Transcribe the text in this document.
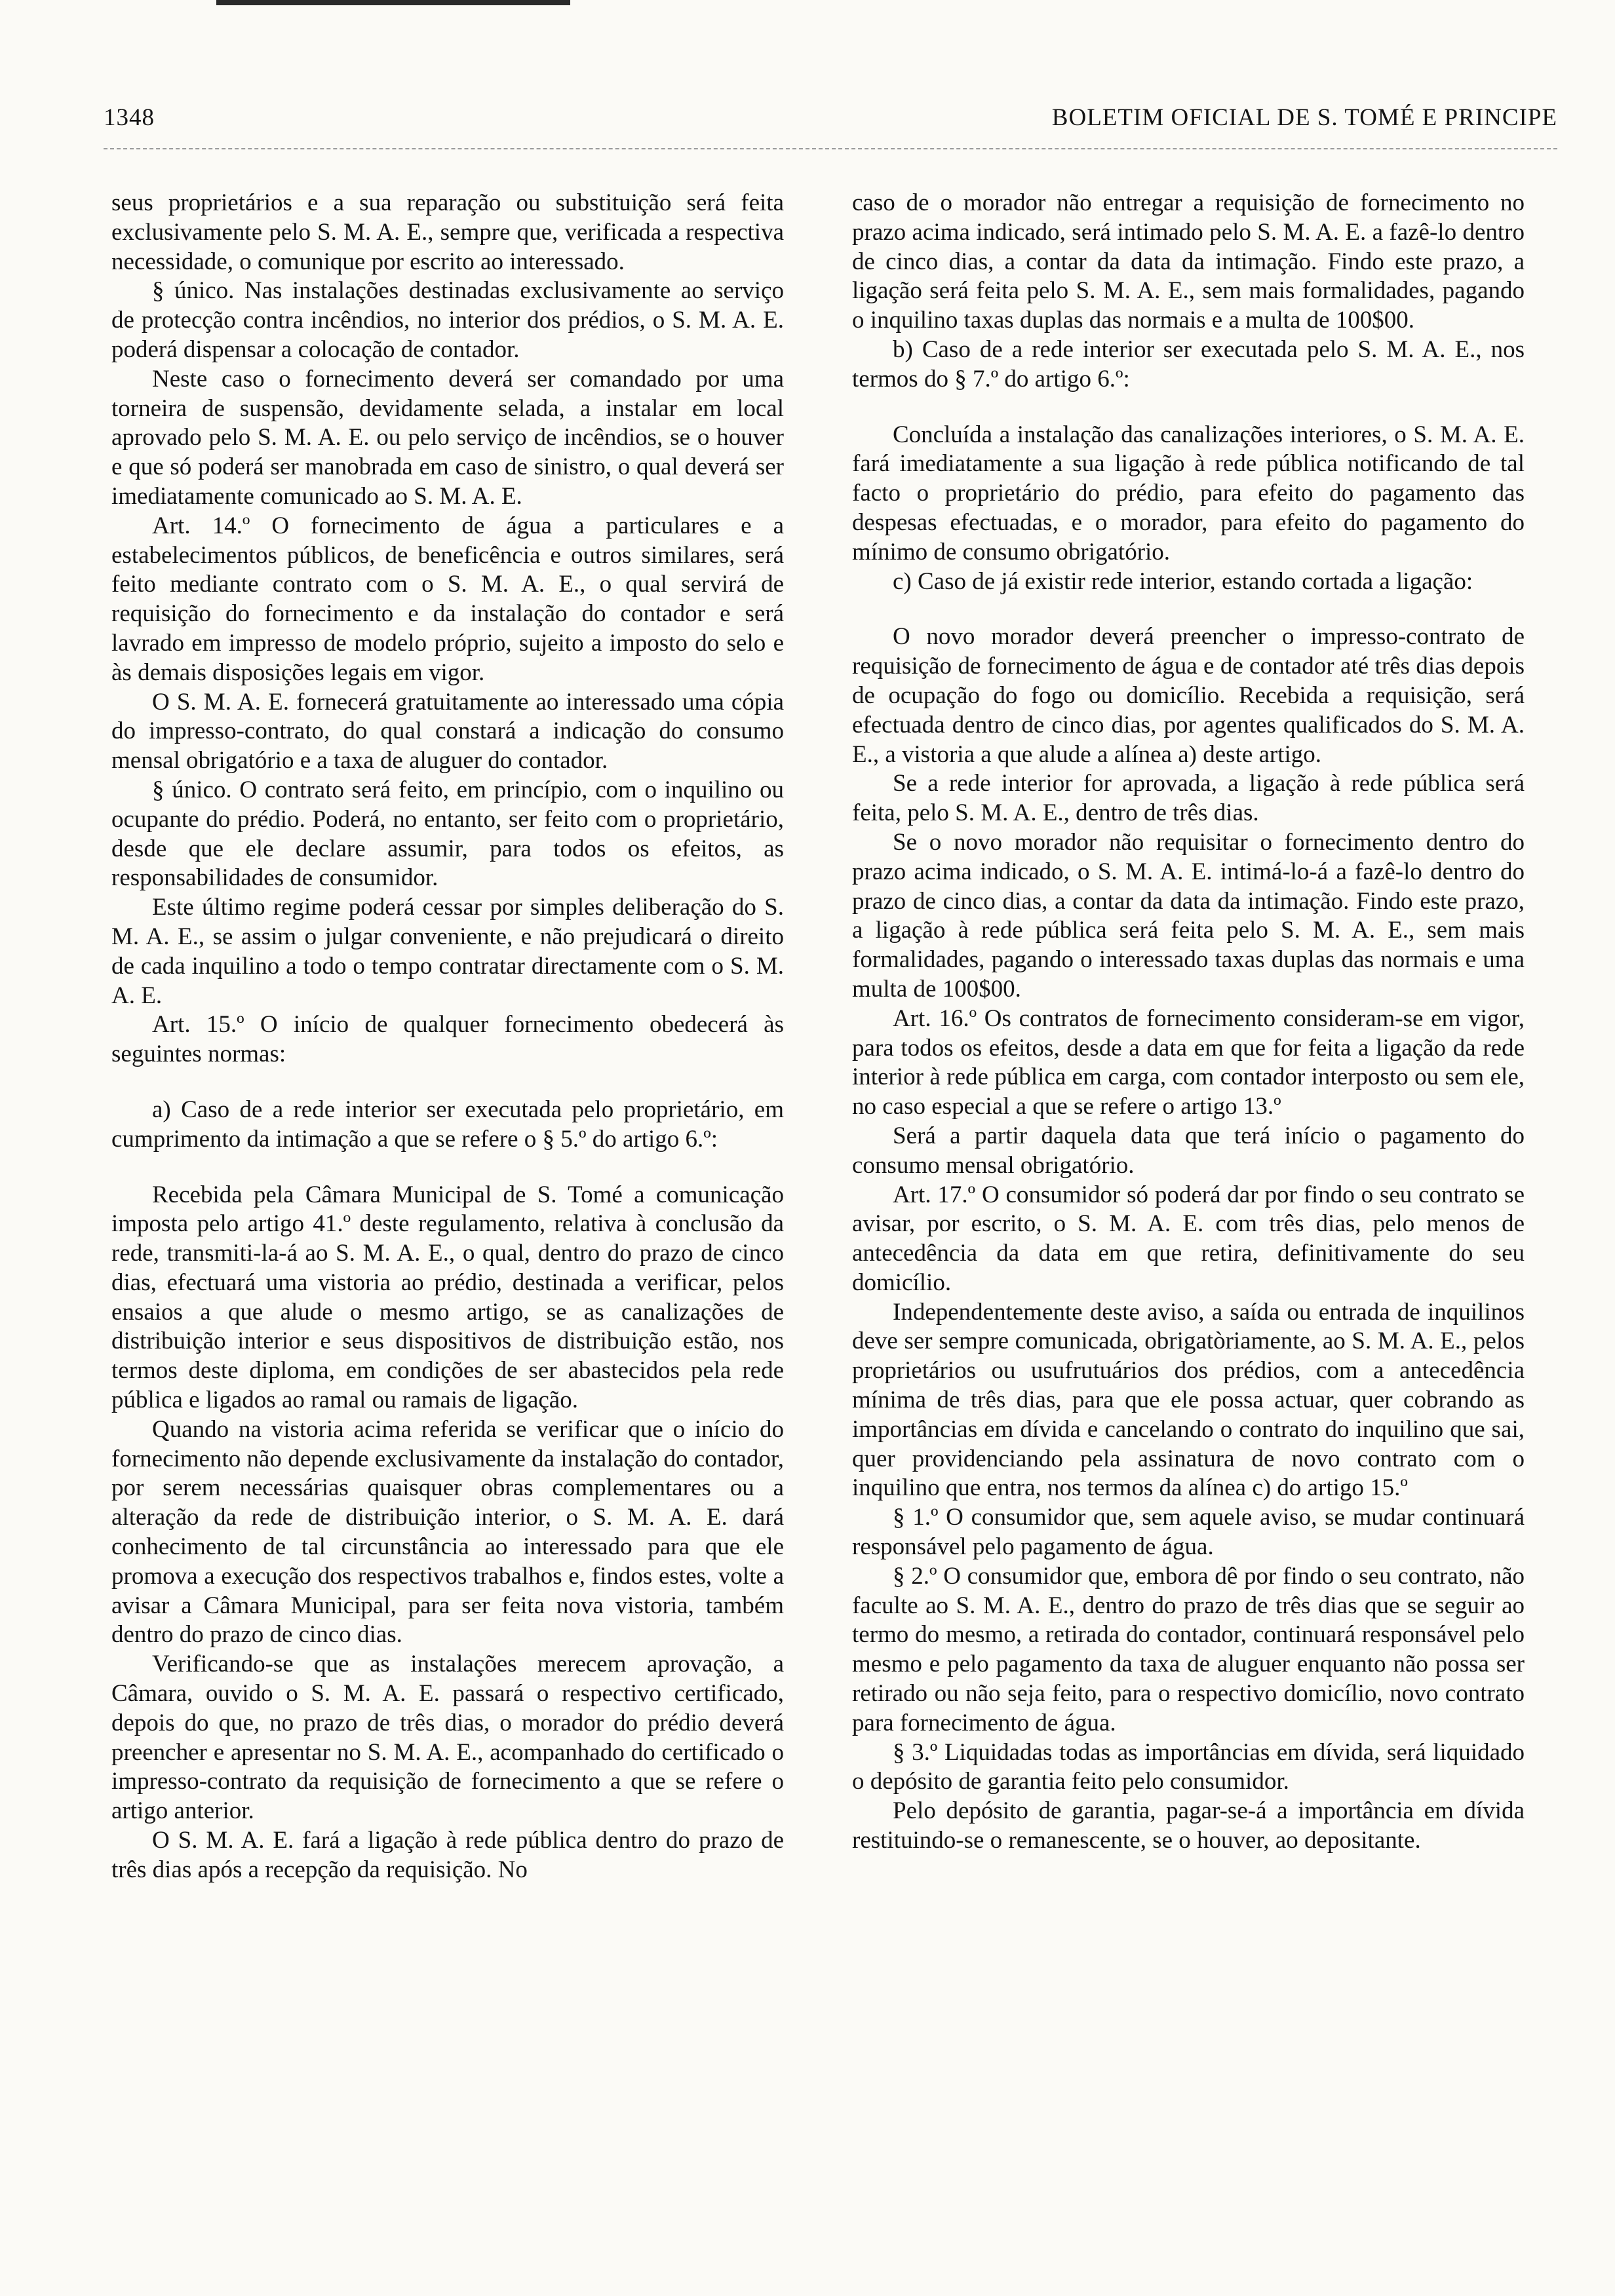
1348	BOLETIM OFICIAL DE S. TOMÉ E PRINCIPE

seus proprietários e a sua reparação ou substituição será feita exclusivamente pelo S. M. A. E., sempre que, verificada a respectiva necessidade, o comunique por escrito ao interessado.

§ único. Nas instalações destinadas exclusivamente ao serviço de protecção contra incêndios, no interior dos prédios, o S. M. A. E. poderá dispensar a colocação de contador.

Neste caso o fornecimento deverá ser comandado por uma torneira de suspensão, devidamente selada, a instalar em local aprovado pelo S. M. A. E. ou pelo serviço de incêndios, se o houver e que só poderá ser manobrada em caso de sinistro, o qual deverá ser imediatamente comunicado ao S. M. A. E.

Art. 14.º O fornecimento de água a particulares e a estabelecimentos públicos, de beneficência e outros similares, será feito mediante contrato com o S. M. A. E., o qual servirá de requisição do fornecimento e da instalação do contador e será lavrado em impresso de modelo próprio, sujeito a imposto do selo e às demais disposições legais em vigor.

O S. M. A. E. fornecerá gratuitamente ao interessado uma cópia do impresso-contrato, do qual constará a indicação do consumo mensal obrigatório e a taxa de aluguer do contador.

§ único. O contrato será feito, em princípio, com o inquilino ou ocupante do prédio. Poderá, no entanto, ser feito com o proprietário, desde que ele declare assumir, para todos os efeitos, as responsabilidades de consumidor.

Este último regime poderá cessar por simples deliberação do S. M. A. E., se assim o julgar conveniente, e não prejudicará o direito de cada inquilino a todo o tempo contratar directamente com o S. M. A. E.

Art. 15.º O início de qualquer fornecimento obedecerá às seguintes normas:

a) Caso de a rede interior ser executada pelo proprietário, em cumprimento da intimação a que se refere o § 5.º do artigo 6.º:

Recebida pela Câmara Municipal de S. Tomé a comunicação imposta pelo artigo 41.º deste regulamento, relativa à conclusão da rede, transmiti-la-á ao S. M. A. E., o qual, dentro do prazo de cinco dias, efectuará uma vistoria ao prédio, destinada a verificar, pelos ensaios a que alude o mesmo artigo, se as canalizações de distribuição interior e seus dispositivos de distribuição estão, nos termos deste diploma, em condições de ser abastecidos pela rede pública e ligados ao ramal ou ramais de ligação.

Quando na vistoria acima referida se verificar que o início do fornecimento não depende exclusivamente da instalação do contador, por serem necessárias quaisquer obras complementares ou a alteração da rede de distribuição interior, o S. M. A. E. dará conhecimento de tal circunstância ao interessado para que ele promova a execução dos respectivos trabalhos e, findos estes, volte a avisar a Câmara Municipal, para ser feita nova vistoria, também dentro do prazo de cinco dias.

Verificando-se que as instalações merecem aprovação, a Câmara, ouvido o S. M. A. E. passará o respectivo certificado, depois do que, no prazo de três dias, o morador do prédio deverá preencher e apresentar no S. M. A. E., acompanhado do certificado o impresso-contrato da requisição de fornecimento a que se refere o artigo anterior.

O S. M. A. E. fará a ligação à rede pública dentro do prazo de três dias após a recepção da requisição. No

caso de o morador não entregar a requisição de fornecimento no prazo acima indicado, será intimado pelo S. M. A. E. a fazê-lo dentro de cinco dias, a contar da data da intimação. Findo este prazo, a ligação será feita pelo S. M. A. E., sem mais formalidades, pagando o inquilino taxas duplas das normais e a multa de 100$00.

b) Caso de a rede interior ser executada pelo S. M. A. E., nos termos do § 7.º do artigo 6.º:

Concluída a instalação das canalizações interiores, o S. M. A. E. fará imediatamente a sua ligação à rede pública notificando de tal facto o proprietário do prédio, para efeito do pagamento das despesas efectuadas, e o morador, para efeito do pagamento do mínimo de consumo obrigatório.

c) Caso de já existir rede interior, estando cortada a ligação:

O novo morador deverá preencher o impresso-contrato de requisição de fornecimento de água e de contador até três dias depois de ocupação do fogo ou domicílio. Recebida a requisição, será efectuada dentro de cinco dias, por agentes qualificados do S. M. A. E., a vistoria a que alude a alínea a) deste artigo.

Se a rede interior for aprovada, a ligação à rede pública será feita, pelo S. M. A. E., dentro de três dias.

Se o novo morador não requisitar o fornecimento dentro do prazo acima indicado, o S. M. A. E. intimá-lo-á a fazê-lo dentro do prazo de cinco dias, a contar da data da intimação. Findo este prazo, a ligação à rede pública será feita pelo S. M. A. E., sem mais formalidades, pagando o interessado taxas duplas das normais e uma multa de 100$00.

Art. 16.º Os contratos de fornecimento consideram-se em vigor, para todos os efeitos, desde a data em que for feita a ligação da rede interior à rede pública em carga, com contador interposto ou sem ele, no caso especial a que se refere o artigo 13.º

Será a partir daquela data que terá início o pagamento do consumo mensal obrigatório.

Art. 17.º O consumidor só poderá dar por findo o seu contrato se avisar, por escrito, o S. M. A. E. com três dias, pelo menos de antecedência da data em que retira, definitivamente do seu domicílio.

Independentemente deste aviso, a saída ou entrada de inquilinos deve ser sempre comunicada, obrigatòriamente, ao S. M. A. E., pelos proprietários ou usufrutuários dos prédios, com a antecedência mínima de três dias, para que ele possa actuar, quer cobrando as importâncias em dívida e cancelando o contrato do inquilino que sai, quer providenciando pela assinatura de novo contrato com o inquilino que entra, nos termos da alínea c) do artigo 15.º

§ 1.º O consumidor que, sem aquele aviso, se mudar continuará responsável pelo pagamento de água.

§ 2.º O consumidor que, embora dê por findo o seu contrato, não faculte ao S. M. A. E., dentro do prazo de três dias que se seguir ao termo do mesmo, a retirada do contador, continuará responsável pelo mesmo e pelo pagamento da taxa de aluguer enquanto não possa ser retirado ou não seja feito, para o respectivo domicílio, novo contrato para fornecimento de água.

§ 3.º Liquidadas todas as importâncias em dívida, será liquidado o depósito de garantia feito pelo consumidor.

Pelo depósito de garantia, pagar-se-á a importância em dívida restituindo-se o remanescente, se o houver, ao depositante.
